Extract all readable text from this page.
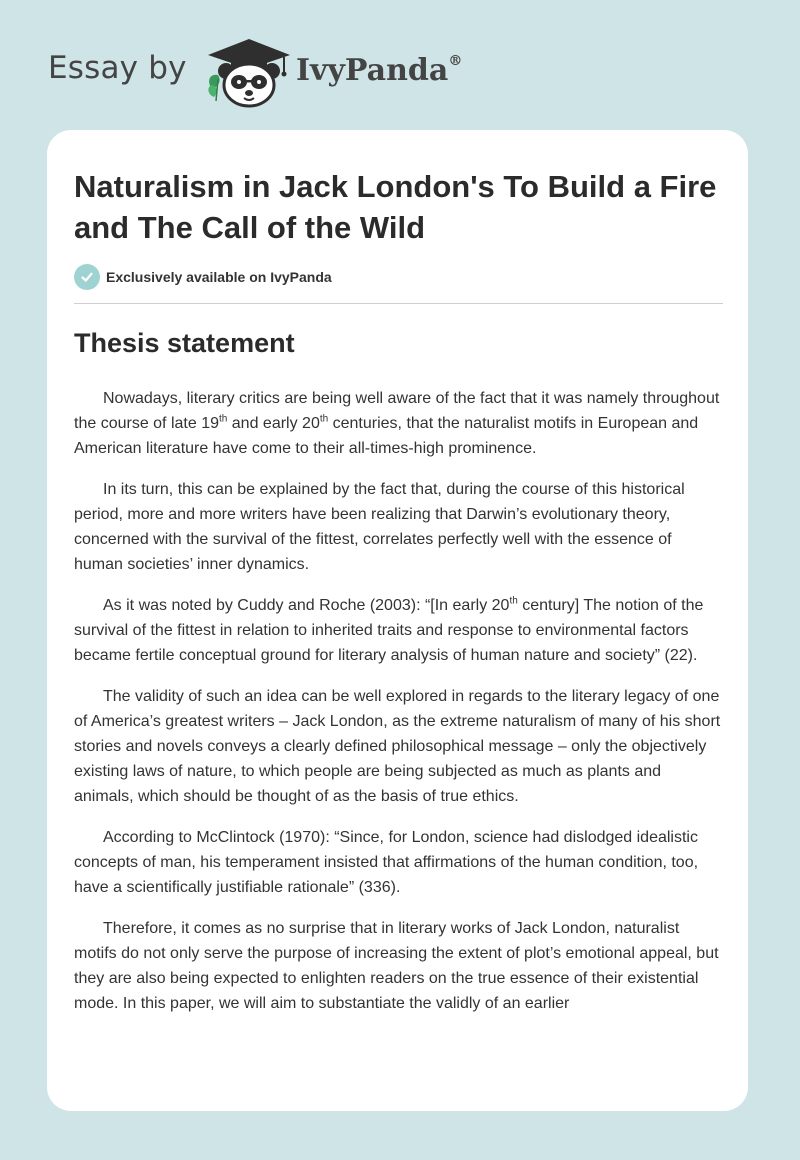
Essay by	IvyPanda®
Naturalism in Jack London's To Build a Fire and The Call of the Wild
Exclusively available on IvyPanda
Thesis statement

Nowadays, literary critics are being well aware of the fact that it was namely throughout the course of late 19th and early 20th centuries, that the naturalist motifs in European and American literature have come to their all-times-high prominence.

In its turn, this can be explained by the fact that, during the course of this historical period, more and more writers have been realizing that Darwin’s evolutionary theory, concerned with the survival of the fittest, correlates perfectly well with the essence of human societies’ inner dynamics.

As it was noted by Cuddy and Roche (2003): “[In early 20th century] The notion of the survival of the fittest in relation to inherited traits and response to environmental factors became fertile conceptual ground for literary analysis of human nature and society” (22).

The validity of such an idea can be well explored in regards to the literary legacy of one of America’s greatest writers – Jack London, as the extreme naturalism of many of his short stories and novels conveys a clearly defined philosophical message – only the objectively existing laws of nature, to which people are being subjected as much as plants and animals, which should be thought of as the basis of true ethics.

According to McClintock (1970): “Since, for London, science had dislodged idealistic concepts of man, his temperament insisted that affirmations of the human condition, too, have a scientifically justifiable rationale” (336).

Therefore, it comes as no surprise that in literary works of Jack London, naturalist motifs do not only serve the purpose of increasing the extent of plot’s emotional appeal, but they are also being expected to enlighten readers on the true essence of their existential mode. In this paper, we will aim to substantiate the validly of an earlier
